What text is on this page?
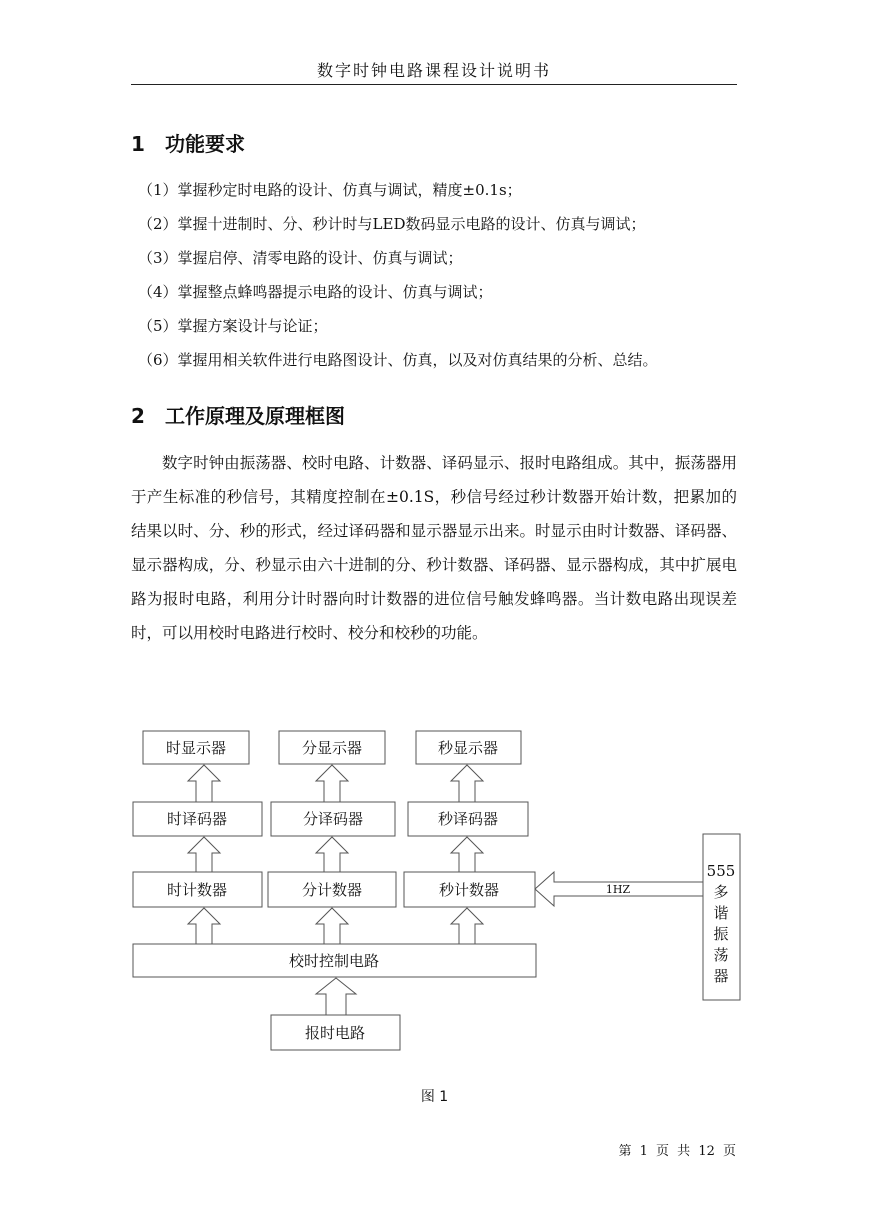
数字时钟电路课程设计说明书
1 功能要求
（1）掌握秒定时电路的设计、仿真与调试，精度±0.1s；
（2）掌握十进制时、分、秒计时与LED数码显示电路的设计、仿真与调试；
（3）掌握启停、清零电路的设计、仿真与调试；
（4）掌握整点蜂鸣器提示电路的设计、仿真与调试；
（5）掌握方案设计与论证；
（6）掌握用相关软件进行电路图设计、仿真，以及对仿真结果的分析、总结。
2 工作原理及原理框图
数字时钟由振荡器、校时电路、计数器、译码显示、报时电路组成。其中，振荡器用于产生标准的秒信号，其精度控制在±0.1S，秒信号经过秒计数器开始计数，把累加的结果以时、分、秒的形式，经过译码器和显示器显示出来。时显示由时计数器、译码器、显示器构成，分、秒显示由六十进制的分、秒计数器、译码器、显示器构成，其中扩展电路为报时电路，利用分计时器向时计数器的进位信号触发蜂鸣器。当计数电路出现误差时，可以用校时电路进行校时、校分和校秒的功能。
1HZ
时显示器	分显示器	秒显示器
时译码器	分译码器	秒译码器
时计数器	分计数器	秒计数器
校时控制电路
报时电路
555
多
谐
振
荡
器
图 1
第 1 页 共 12 页
